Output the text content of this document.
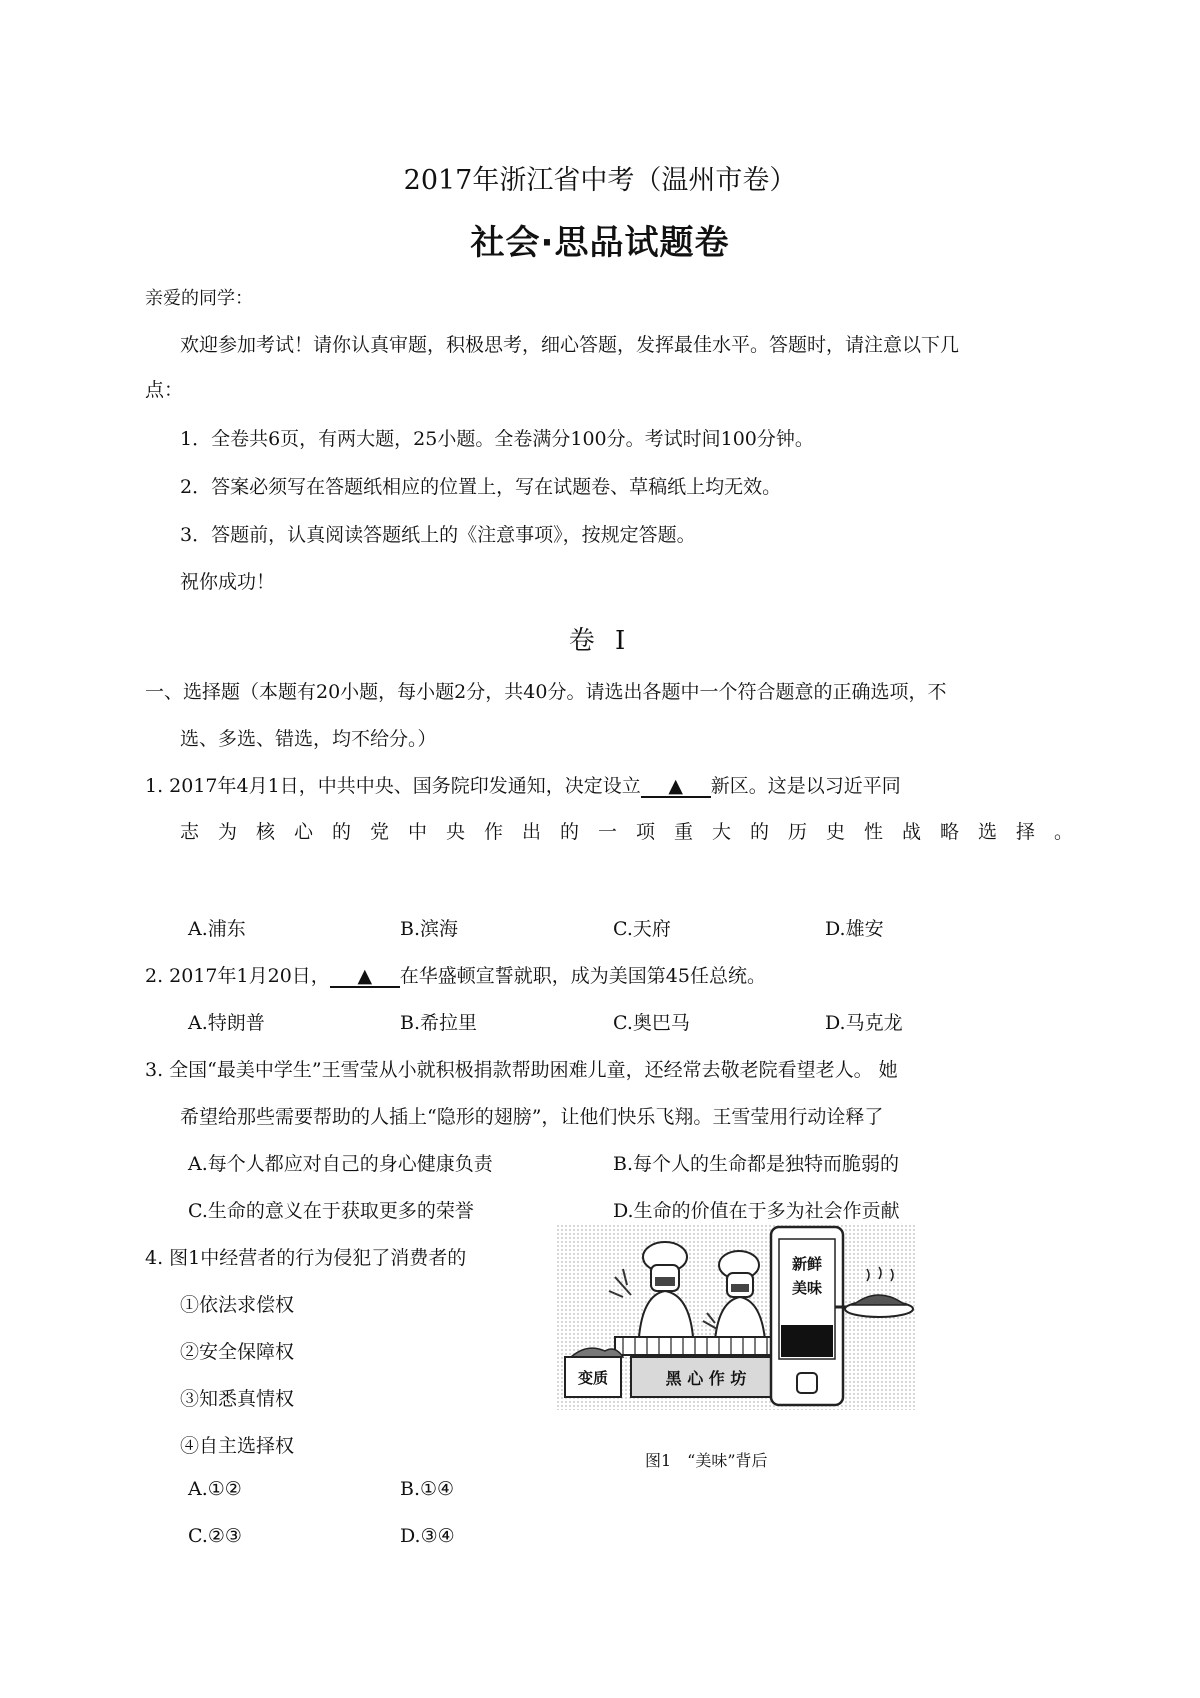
2017年浙江省中考（温州市卷）
社会·思品试题卷
亲爱的同学：
欢迎参加考试！请你认真审题，积极思考，细心答题，发挥最佳水平。答题时，请注意以下几
点：
1．全卷共6页，有两大题，25小题。全卷满分100分。考试时间100分钟。
2．答案必须写在答题纸相应的位置上，写在试题卷、草稿纸上均无效。
3．答题前，认真阅读答题纸上的《注意事项》，按规定答题。
祝你成功！
卷 Ⅰ
一、选择题（本题有20小题，每小题2分，共40分。请选出各题中一个符合题意的正确选项，不
选、多选、错选，均不给分。）
1. 2017年4月1日，中共中央、国务院印发通知，决定设立 ▲ 新区。这是以习近平同
志为核心的党中央作出的一项重大的历史性战略选择。
A.浦东	B.滨海	C.天府	D.雄安
2. 2017年1月20日， ▲ 在华盛顿宣誓就职，成为美国第45任总统。
A.特朗普	B.希拉里	C.奥巴马	D.马克龙
3. 全国“最美中学生”王雪莹从小就积极捐款帮助困难儿童，还经常去敬老院看望老人。 她
希望给那些需要帮助的人插上“隐形的翅膀”，让他们快乐飞翔。王雪莹用行动诠释了
A.每个人都应对自己的身心健康负责	B.每个人的生命都是独特而脆弱的
C.生命的意义在于获取更多的荣誉	D.生命的价值在于多为社会作贡献
4. 图1中经营者的行为侵犯了消费者的
①依法求偿权
②安全保障权
③知悉真情权
④自主选择权
A.①②	B.①④
C.②③	D.③④
黑 心 作 坊
变质
新鲜
美味
图1　“美味”背后
